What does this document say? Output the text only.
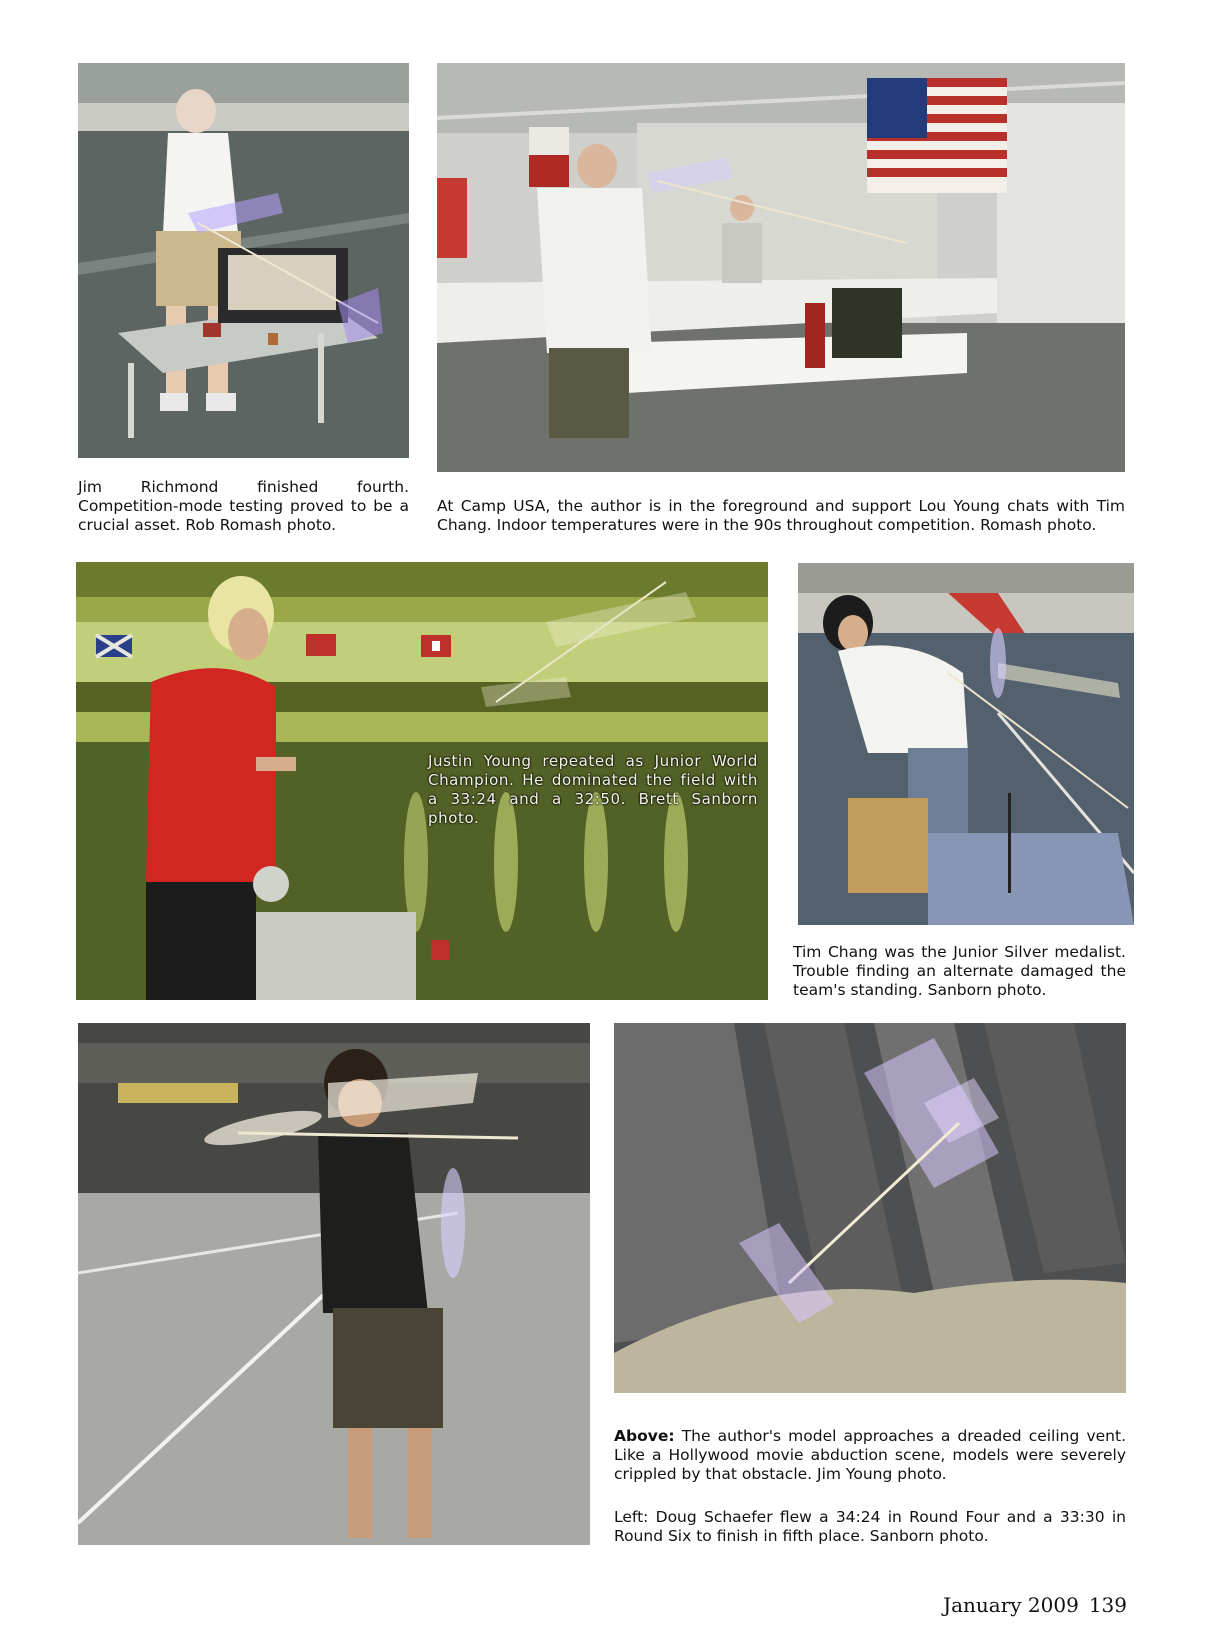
Jim Richmond finished fourth. Competition-mode testing proved to be a crucial asset. Rob Romash photo.

At Camp USA, the author is in the foreground and support Lou Young chats with Tim Chang. Indoor temperatures were in the 90s throughout competition. Romash photo.

Justin Young repeated as Junior World Champion. He dominated the field with a 33:24 and a 32:50. Brett Sanborn photo.

Tim Chang was the Junior Silver medalist. Trouble finding an alternate damaged the team's standing. Sanborn photo.

Above: The author's model approaches a dreaded ceiling vent. Like a Hollywood movie abduction scene, models were severely crippled by that obstacle. Jim Young photo.

Left: Doug Schaefer flew a 34:24 in Round Four and a 33:30 in Round Six to finish in fifth place. Sanborn photo.

January 2009 139
